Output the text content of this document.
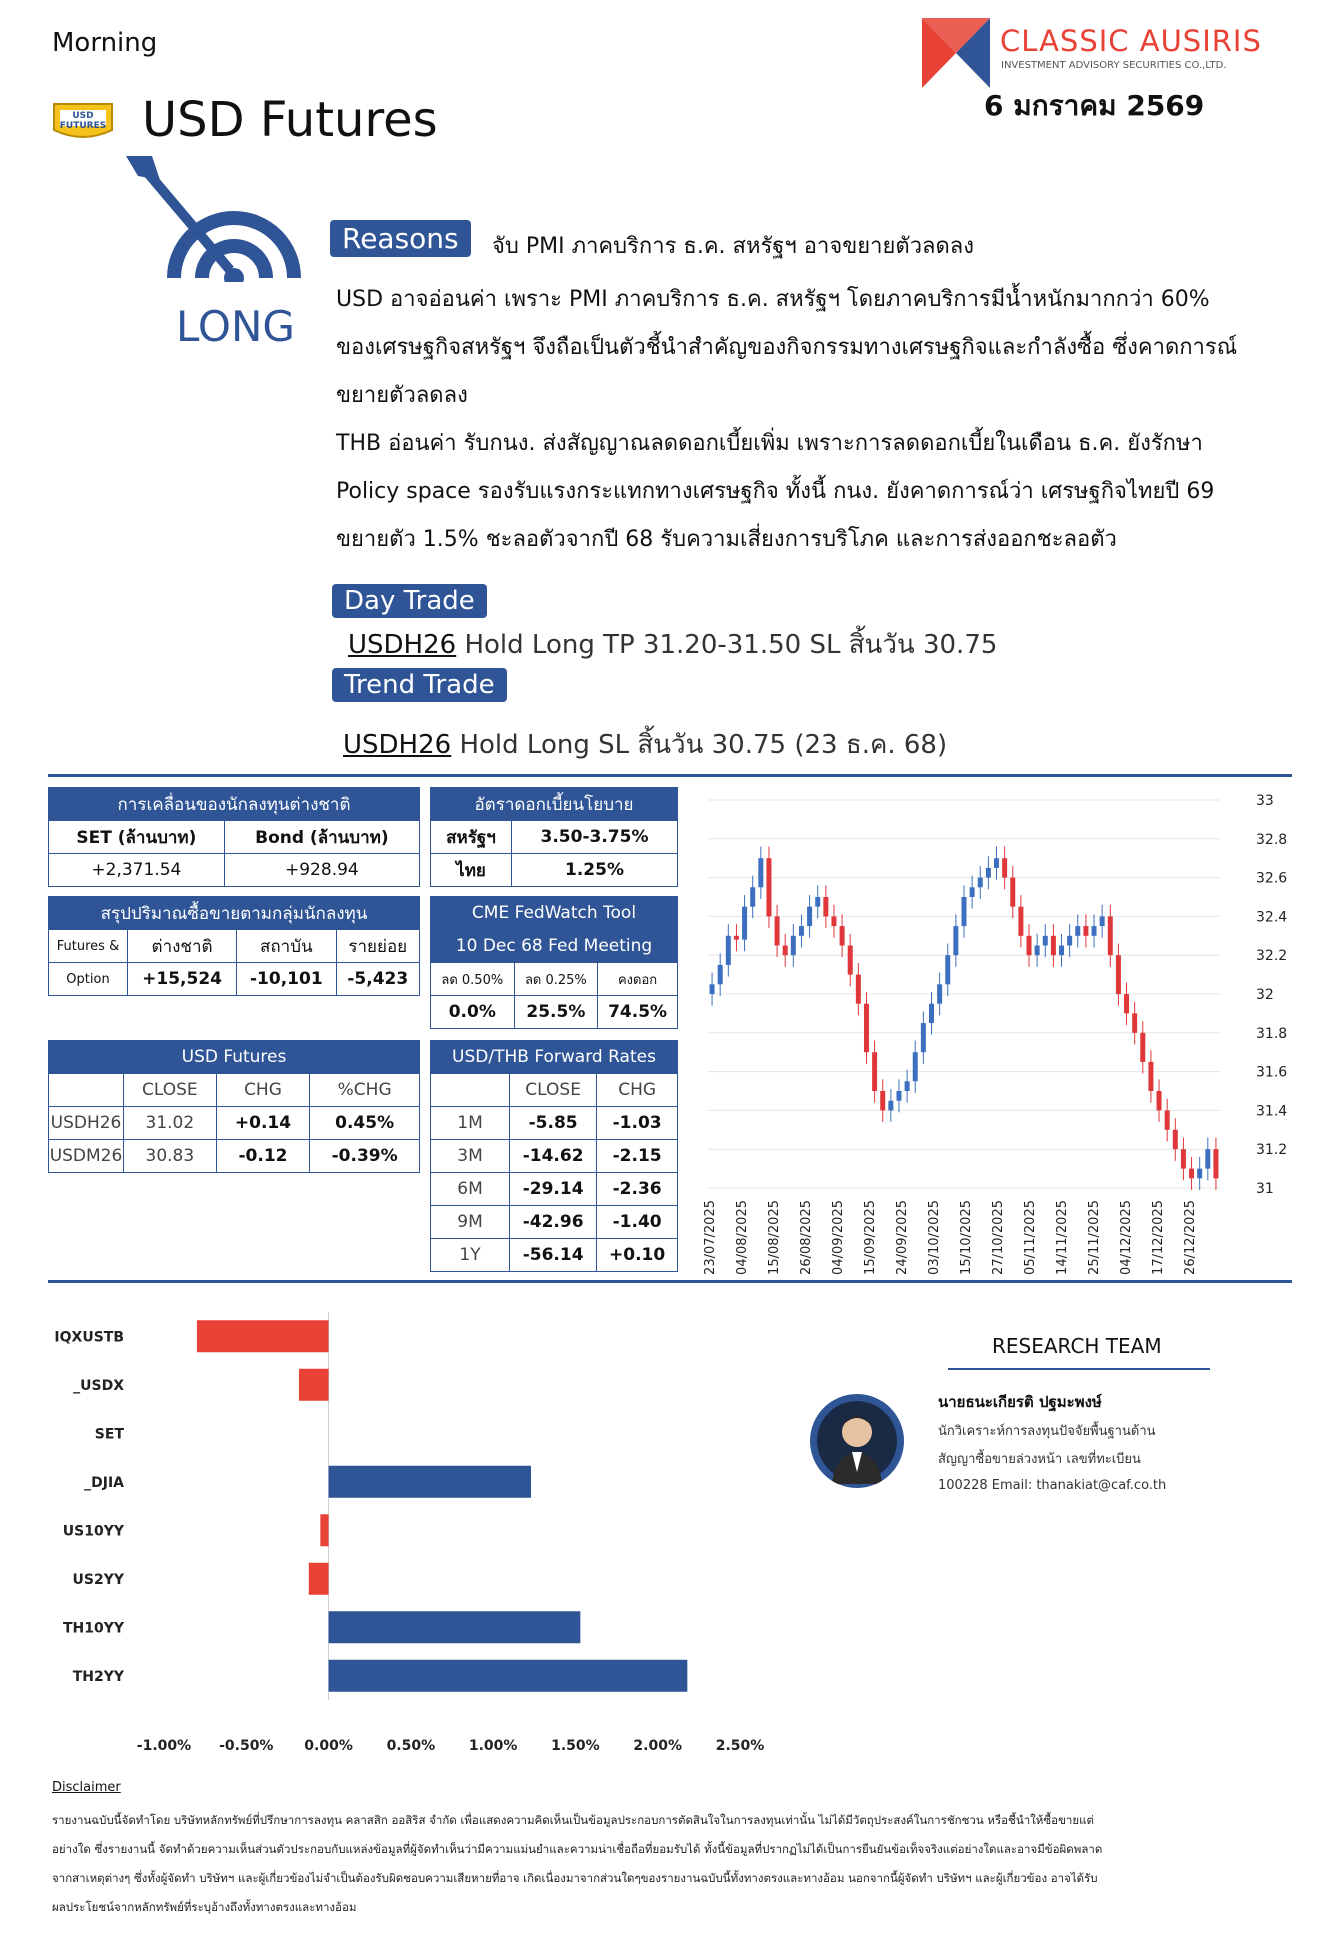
Morning
USD FUTURES USD Futures
CLASSIC AUSIRIS
INVESTMENT ADVISORY SECURITIES CO.,LTD.
6 มกราคม 2569
LONG
Reasons	จับ PMI ภาคบริการ ธ.ค. สหรัฐฯ อาจขยายตัวลดลง
USD อาจอ่อนค่า เพราะ PMI ภาคบริการ ธ.ค. สหรัฐฯ โดยภาคบริการมีน้ำหนักมากกว่า 60%
ของเศรษฐกิจสหรัฐฯ จึงถือเป็นตัวชี้นำสำคัญของกิจกรรมทางเศรษฐกิจและกำลังซื้อ ซึ่งคาดการณ์
ขยายตัวลดลง
THB อ่อนค่า รับกนง. ส่งสัญญาณลดดอกเบี้ยเพิ่ม เพราะการลดดอกเบี้ยในเดือน ธ.ค. ยังรักษา
Policy space รองรับแรงกระแทกทางเศรษฐกิจ ทั้งนี้ กนง. ยังคาดการณ์ว่า เศรษฐกิจไทยปี 69
ขยายตัว 1.5% ชะลอตัวจากปี 68 รับความเสี่ยงการบริโภค และการส่งออกชะลอตัว
Day Trade
USDH26 Hold Long TP 31.20-31.50 SL สิ้นวัน 30.75
Trend Trade
USDH26 Hold Long SL สิ้นวัน 30.75 (23 ธ.ค. 68)
การเคลื่อนของนักลงทุนต่างชาติ	
SET (ล้านบาท)	Bond (ล้านบาท)
+2,371.54	+928.94
สรุปปริมาณซื้อขายตามกลุ่มนักลงทุน			
Futures &	ต่างชาติ	สถาบัน	รายย่อย
Option	+15,524	-10,101	-5,423
USD Futures			
	CLOSE	CHG	%CHG
USDH26	31.02	+0.14	0.45%
USDM26	30.83	-0.12	-0.39%
อัตราดอกเบี้ยนโยบาย	
สหรัฐฯ	3.50-3.75%
ไทย	1.25%
CME FedWatch Tool		
10 Dec 68 Fed Meeting		
ลด 0.50%	ลด 0.25%	คงดอก
0.0%	25.5%	74.5%
USD/THB Forward Rates		
	CLOSE	CHG
1M	-5.85	-1.03
3M	-14.62	-2.15
6M	-29.14	-2.36
9M	-42.96	-1.40
1Y	-56.14	+0.10
33
32.8
32.6
32.4
32.2
32
31.8
31.6
31.4
31.2
31
23/07/2025 04/08/2025 15/08/2025 26/08/2025 04/09/2025 15/09/2025 24/09/2025 03/10/2025 15/10/2025 27/10/2025 05/11/2025 14/11/2025 25/11/2025 04/12/2025 17/12/2025 26/12/2025
IQXUSTB
_USDX
SET
_DJIA
US10YY
US2YY
TH10YY
TH2YY
-1.00% -0.50% 0.00% 0.50% 1.00% 1.50% 2.00% 2.50%
RESEARCH TEAM
นายธนะเกียรติ ปฐมะพงษ์
นักวิเคราะห์การลงทุนปัจจัยพื้นฐานด้าน
สัญญาซื้อขายล่วงหน้า เลขที่ทะเบียน
100228 Email: thanakiat@caf.co.th
Disclaimer
รายงานฉบับนี้จัดทำโดย บริษัทหลักทรัพย์ที่ปรึกษาการลงทุน คลาสสิก ออสิริส จำกัด เพื่อแสดงความคิดเห็นเป็นข้อมูลประกอบการตัดสินใจในการลงทุนเท่านั้น ไม่ได้มีวัตถุประสงค์ในการชักชวน หรือชี้นำให้ซื้อขายแต่
อย่างใด ซึ่งรายงานนี้ จัดทำด้วยความเห็นส่วนตัวประกอบกับแหล่งข้อมูลที่ผู้จัดทำเห็นว่ามีความแม่นยำและความน่าเชื่อถือที่ยอมรับได้ ทั้งนี้ข้อมูลที่ปรากฏไม่ได้เป็นการยืนยันข้อเท็จจริงแต่อย่างใดและอาจมีข้อผิดพลาด
จากสาเหตุต่างๆ ซึ่งทั้งผู้จัดทำ บริษัทฯ และผู้เกี่ยวข้องไม่จำเป็นต้องรับผิดชอบความเสียหายที่อาจ เกิดเนื่องมาจากส่วนใดๆของรายงานฉบับนี้ทั้งทางตรงและทางอ้อม นอกจากนี้ผู้จัดทำ บริษัทฯ และผู้เกี่ยวข้อง อาจได้รับ
ผลประโยชน์จากหลักทรัพย์ที่ระบุอ้างถึงทั้งทางตรงและทางอ้อม
